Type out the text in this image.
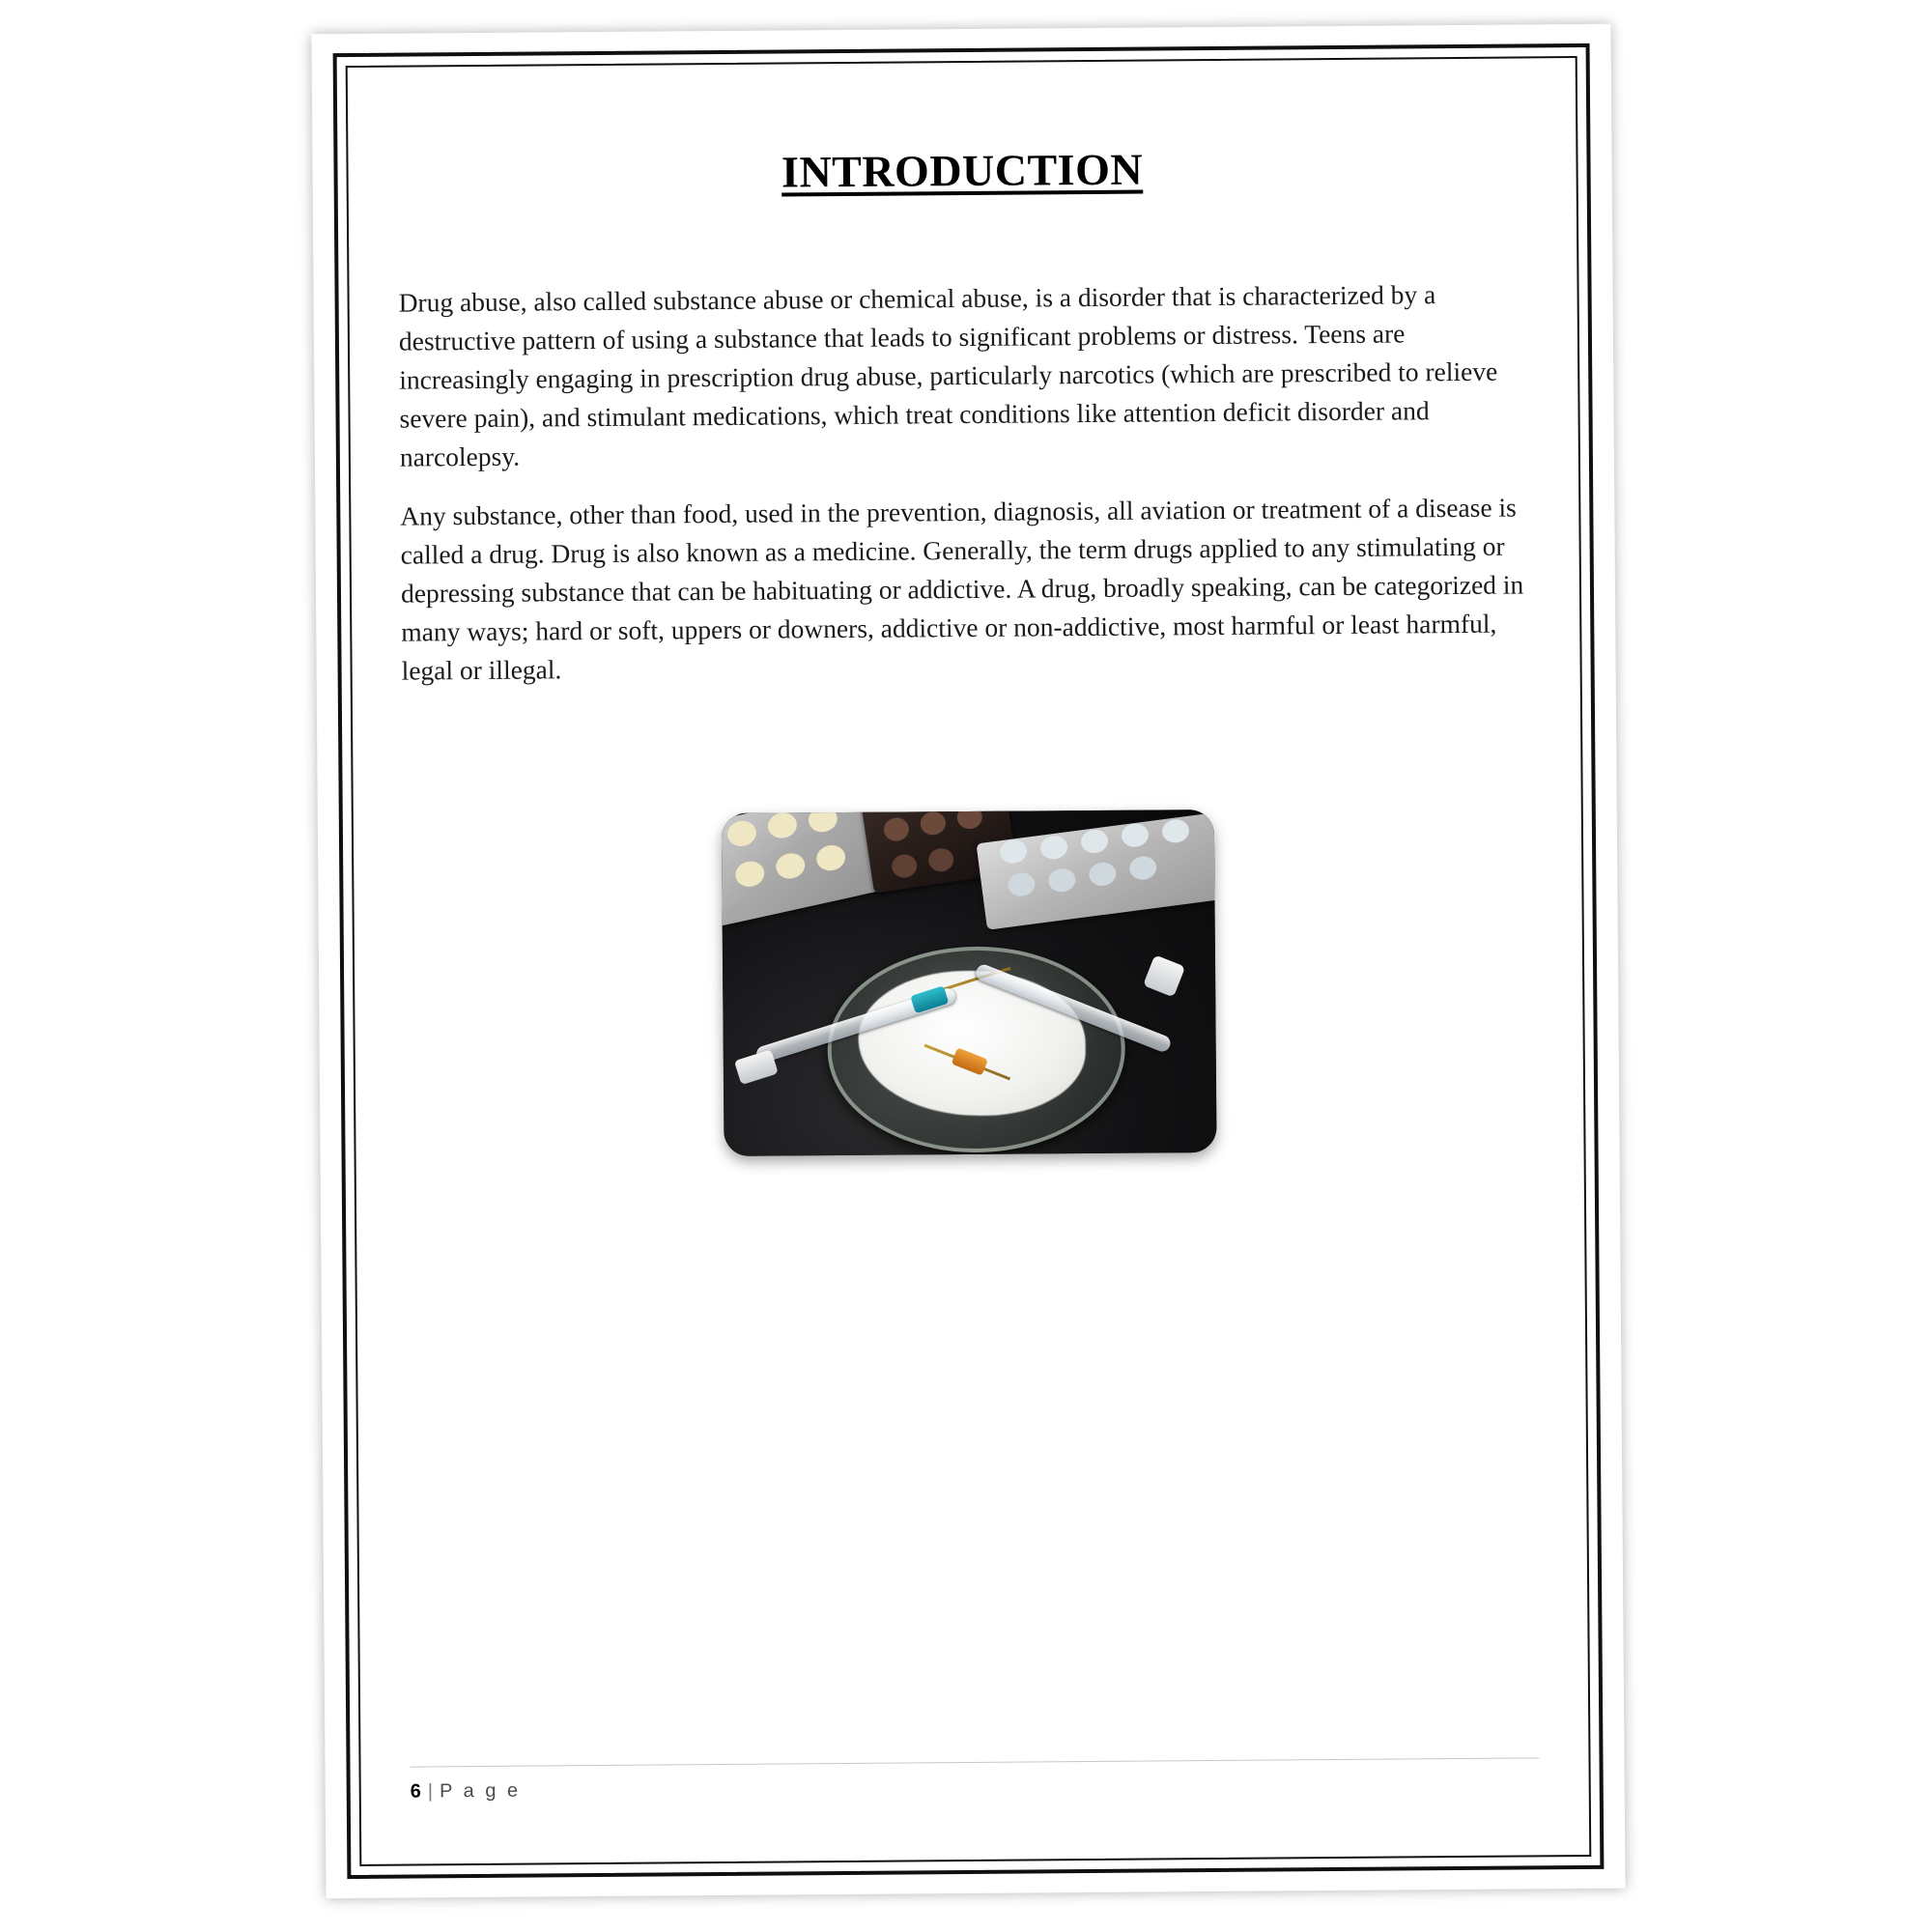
INTRODUCTION

Drug abuse, also called substance abuse or chemical abuse, is a disorder that is characterized by a destructive pattern of using a substance that leads to significant problems or distress. Teens are increasingly engaging in prescription drug abuse, particularly narcotics (which are prescribed to relieve severe pain), and stimulant medications, which treat conditions like attention deficit disorder and narcolepsy.

Any substance, other than food, used in the prevention, diagnosis, all aviation or treatment of a disease is called a drug. Drug is also known as a medicine. Generally, the term drugs applied to any stimulating or depressing substance that can be habituating or addictive. A drug, broadly speaking, can be categorized in many ways; hard or soft, uppers or downers, addictive or non-addictive, most harmful or least harmful, legal or illegal.

6 | P a g e
